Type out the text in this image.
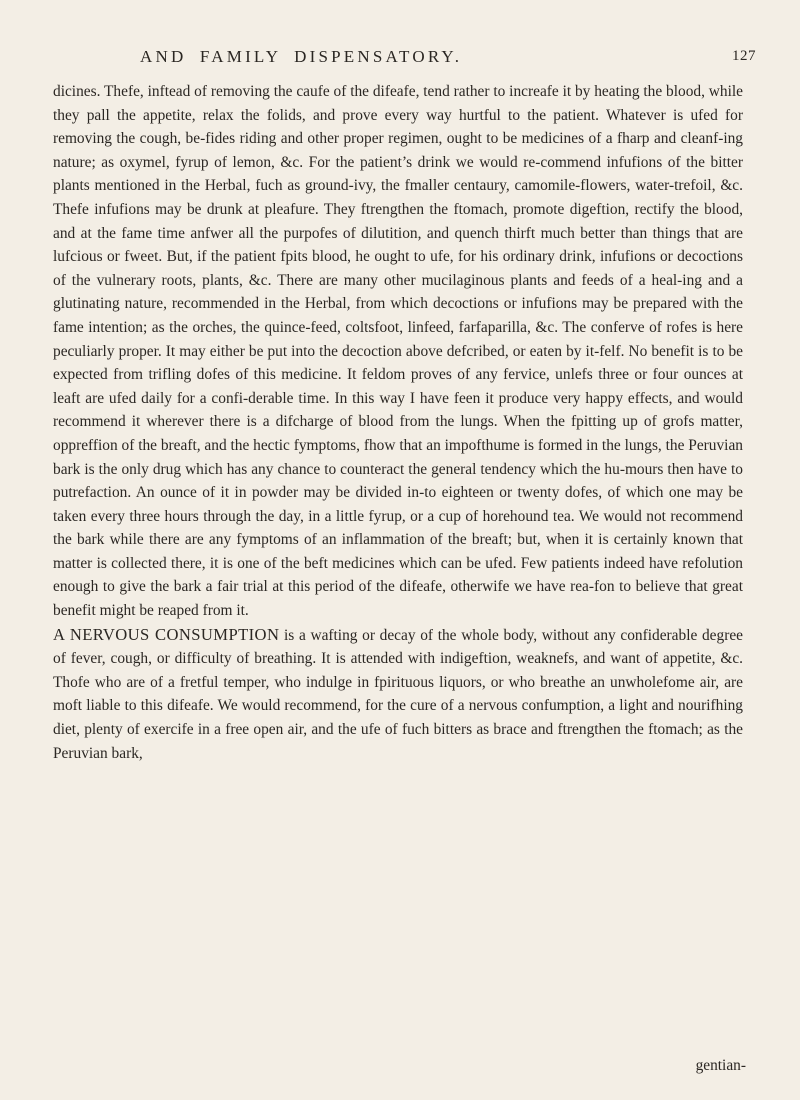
AND FAMILY DISPENSATORY.	127

dicines. Thefe, inftead of removing the caufe of the difeafe, tend rather to increafe it by heating the blood, while they pall the appetite, relax the folids, and prove every way hurtful to the patient. Whatever is ufed for removing the cough, be-fides riding and other proper regimen, ought to be medicines of a fharp and cleanf-ing nature; as oxymel, fyrup of lemon, &c. For the patient’s drink we would re-commend infufions of the bitter plants mentioned in the Herbal, fuch as ground-ivy, the fmaller centaury, camomile-flowers, water-trefoil, &c. Thefe infufions may be drunk at pleafure. They ftrengthen the ftomach, promote digeftion, rectify the blood, and at the fame time anfwer all the purpofes of dilutition, and quench thirft much better than things that are lufcious or fweet. But, if the patient fpits blood, he ought to ufe, for his ordinary drink, infufions or decoctions of the vulnerary roots, plants, &c. There are many other mucilaginous plants and feeds of a heal-ing and a glutinating nature, recommended in the Herbal, from which decoctions or infufions may be prepared with the fame intention; as the orches, the quince-feed, coltsfoot, linfeed, farfaparilla, &c. The conferve of rofes is here peculiarly proper. It may either be put into the decoction above defcribed, or eaten by it-felf. No benefit is to be expected from trifling dofes of this medicine. It feldom proves of any fervice, unlefs three or four ounces at leaft are ufed daily for a confi-derable time. In this way I have feen it produce very happy effects, and would recommend it wherever there is a difcharge of blood from the lungs. When the fpitting up of grofs matter, oppreffion of the breaft, and the hectic fymptoms, fhow that an impofthume is formed in the lungs, the Peruvian bark is the only drug which has any chance to counteract the general tendency which the hu-mours then have to putrefaction. An ounce of it in powder may be divided in-to eighteen or twenty dofes, of which one may be taken every three hours through the day, in a little fyrup, or a cup of horehound tea. We would not recommend the bark while there are any fymptoms of an inflammation of the breaft; but, when it is certainly known that matter is collected there, it is one of the beft medicines which can be ufed. Few patients indeed have refolution enough to give the bark a fair trial at this period of the difeafe, otherwife we have rea-fon to believe that great benefit might be reaped from it.

A NERVOUS CONSUMPTION is a wafting or decay of the whole body, without any confiderable degree of fever, cough, or difficulty of breathing. It is attended with indigeftion, weaknefs, and want of appetite, &c. Thofe who are of a fretful temper, who indulge in fpirituous liquors, or who breathe an unwholefome air, are moft liable to this difeafe. We would recommend, for the cure of a nervous confumption, a light and nourifhing diet, plenty of exercife in a free open air, and the ufe of fuch bitters as brace and ftrengthen the ftomach; as the Peruvian bark,

gentian-
